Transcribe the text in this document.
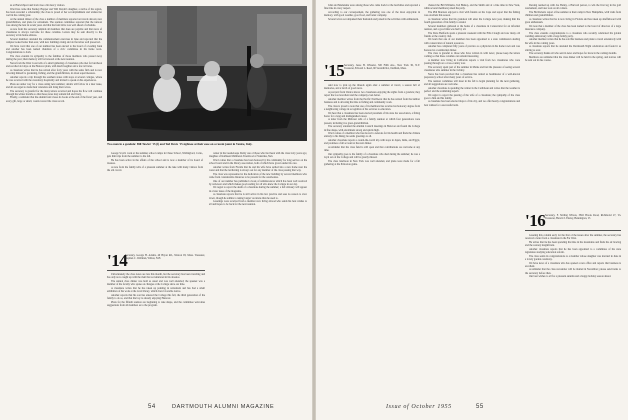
us at Harwichport and from Jose a bit mercy visitors.

Word has come that Stanley Hopper and Will Dewitt's daughter, a native of the region, has been awarded a scholarship; the class is proud of her accomplishment and wishes her well in the coming year.

At the annual dinner of the class a number of members reported on travels abroad, new grandchildren, and plans for retirement. The reunion committee reported that the turnout was among the best in recent years and that the fund drive was well ahead of schedule.

A note from the secretary reminds all members that dues are payable and that news of classmates is always welcome for these columns. Letters may be sent directly to the secretary at his home address.

Several members attended the commencement exercises in June and reported that the campus looked better than ever, with new buildings rising and old favorites well preserved.

We have word that one of our number has been elected to the board of a leading bank and another has been named chairman of a civic committee in his home town. Congratulations to both.

The class extends its sympathy to the families of those members who passed away during the year; their memory will be honored at the next reunion.

News from the West Coast tells of a small gathering of classmates who met for luncheon and recalled old days on the Hanover plain, with much laughter and a few tall tales.

A classmate writes that he has retired after forty years with the same firm and is now devoting himself to gardening, fishing, and the grandchildren, in about equal measure.

Another reports a trip through the southern states with stops at several colleges, where he was received with the customary hospitality and invited to speak on his experiences.

Plans are under way for a class outing next summer; details will follow in a later issue, and all are urged to mark their calendars and bring their wives.

The secretary is grateful for the many letters received and hopes the flow will continue through the winter months so that these notes may remain full and lively.

Finally, a reminder that the alumni fund closes its books at the end of the fiscal year, and every gift, large or small, counts toward the class record.

Two men in a gondola: Bill Tawler '15 (l) and Ted Davis '15 sightsee at their ease on a recent jaunt in Venice, Italy.

George Scott's work at the summer school camps in Chase School, Wallingford, Conn., gets him trips from the summer to the fall.

He has been active in the affairs of the school and is now a member of its board of trustees.

A note from the family tells of a pleasant summer at the lake with many visitors from the old crowd.

center in the Guadeloupe Derby one of those who had been with the class forty years ago; daughter of Kathleen Middleton Trueblood of Valentine, Neb.

Word comes that a classmate has been honored by his community for long service on the school board and in the library association, both of which have grown under his care.

Another writes from Florida that he and his wife have settled into a new home near the water and that the latchstring is always out for any member of the class passing that way.

The class was represented at the dedication of the new building by several members who came from considerable distances to be present for the ceremonies.

One of our number has published a book of reminiscences which has been well received by reviewers and which makes good reading for all who knew the College in our day.

We regret to report the death of a classmate during the summer; a full obituary will appear in a later issue of the magazine.

A classmate reports that he is still active in his law practice and sees no reason to slow down, though he admits to taking longer vacations than he used to.

Greetings were received from a member now living abroad who sends his best wishes to all and hopes to be back for the next reunion.

'14
Secretary, George H. Adams, 40 Bryon Rd., Weston 93, Mass. Treasurer, Stephen C. Wellman, Wilton, N.H.

Unfortunately the class notes are late this month, but the secretary has been traveling and has only now caught up with the mail that accumulated in his absence.

The annual class dinner was held as usual and was well attended; the speaker was a member of the faculty who spoke on changes at the College since our time.

A classmate writes that he has taken up painting in retirement and has had a small exhibition of his work at the local library, which drew favorable notice.

Another reports that his son has entered the College this fall, the third generation of the family to do so, and that the boy is already enjoying Hanover.

Plans for the fiftieth reunion are beginning to take shape, and the committee welcomes suggestions from all members as to the program.

54	DARTMOUTH ALUMNI MAGAZINE

John and Madeleine were among those who came back for the festivities and reported a fine time in every respect.

According to our correspondent, the gathering was one of the most enjoyable in memory, with good weather, good food, and better company.

Several wives accompanied their husbands and joined in the activities with enthusiasm.

'15 Secretary, Jesse H. Wheeler, 500 Fifth Ave., New York 36, N.Y. Treasurer, Edward L. Reed, 60 Seventh Rd., Dedham, Mass.

And now to pick up the threads again after a summer of travel, a season full of memories, and a batch of good news.

A postcard from Venice shows two classmates enjoying the sights from a gondola; they report the food excellent and the company even better.

Another member writes from the Pacific Northwest that he has retired from the lumber business and is devoting his time to fishing and community work.

The class is proud to note that one of its members has received an honorary degree from a neighboring college in recognition of his services to education.

We hear that a classmate has been elected president of his state bar association, a fitting honor for a long and distinguished career.

A letter from the Midwest tells of a family reunion at which four generations were present, including two great-grandchildren.

The secretary attended the Alumni Council meetings in Hanover and found the College in fine shape, with enrollment strong and spirits high.

Word comes of a member who has moved to Arizona for his health and finds the climate entirely to his liking; he sends greetings to all.

Another classmate reports a round-the-world trip with stops in Japan, India, and Egypt, and promises a full account at the next dinner.

A reminder that the class fund is still open and that contributions are welcome at any time.

Our sympathy goes to the family of a classmate who died during the summer; he was a loyal son of the College and will be greatly missed.

The class luncheon in New York was well attended, and plans were made for a fall gathering at the Princeton game.

chaired the Bill Williams, Ted Bishop, and the Smith and of a fine time in New York, while several members joined the party.

The Phil Marsters enjoyed a visit with friends on the Cape and report that the fishing was excellent this season.

A classmate writes that his grandson will enter the College next year, making him the fourth generation of his family to attend.

Several members gathered at the home of a classmate in Connecticut for an informal reunion, and a good time was had by all.

The Dave Bedfords spent a pleasant weekend with the Ellis Clough and saw many old friends at the country club.

We learn that one of our members has been appointed to a state commission dealing with conservation of natural resources.

Another has completed fifty years of practice as a physician in his home town and was honored at a testimonial dinner.

The class is grateful to those who have written in with news; please keep the letters coming so that these columns can remain interesting.

A member now living in California reports a visit from two classmates who were passing through on a cross-country tour.

The secretary spent part of the summer in Maine and had the pleasure of seeing several classmates who summer in the vicinity.

News has been received that a classmate has retired as headmaster of a well-known preparatory school after many years of service.

The reunion committee will meet in the fall to begin planning for the next gathering, and all suggestions are welcome.

Another classmate is spending the winter in the Caribbean and writes that the weather is perfect and the swimming superb.

We regret to report the passing of the wife of a classmate; the sympathy of the class goes to him and his family.

A classmate has been elected mayor of his city, and we offer hearty congratulations and best wishes for a successful term.

Dewing teamed up with Joe Bailey, a Harvard person, to win the first leg in the golf tournament, and later took on all comers.

The Hal Roberts report a fine summer at their camp in New Hampshire, with visits from children and grandchildren.

A classmate writes that he is now living in Florida and has taken up shuffleboard with great enthusiasm.

We note that a member of the class has been named to the board of directors of a large insurance company.

The class extends congratulations to a classmate who recently celebrated his golden wedding anniversary with a large family party.

Another member writes that he has sold his business and plans to travel extensively with his wife in the coming years.

A classmate reports that he attended the Dartmouth Night celebration and found it as stirring as ever.

The secretary thanks all who sent in news and hopes for more in the coming months.

Members are reminded that the class dinner will be held in the spring, and notices will be sent out in due course.

'16 Secretary, F. Stirling Wilson, 3816 Brook Road, Richmond 27, Va. Treasurer, Harold J. Ensley, Bennington, Vt.

Greeting this column early for the first of the issues after the summer, the secretary has received a letter from a classmate in the Far West.

He writes that he has been spending his time in the mountains and finds the air bracing and the scenery magnificent.

Another classmate reports that he has been appointed to a committee of the state legislature studying education reform.

The class sends its congratulations to a member whose daughter was married in June in a lovely garden ceremony.

We have news of a classmate who has opened a new office and reports that business is excellent.

A reminder that the class newsletter will be mailed in November; please send items to the secretary before then.

Our best wishes to all for a pleasant autumn and a happy holiday season ahead.

Issue of October 1955	55
